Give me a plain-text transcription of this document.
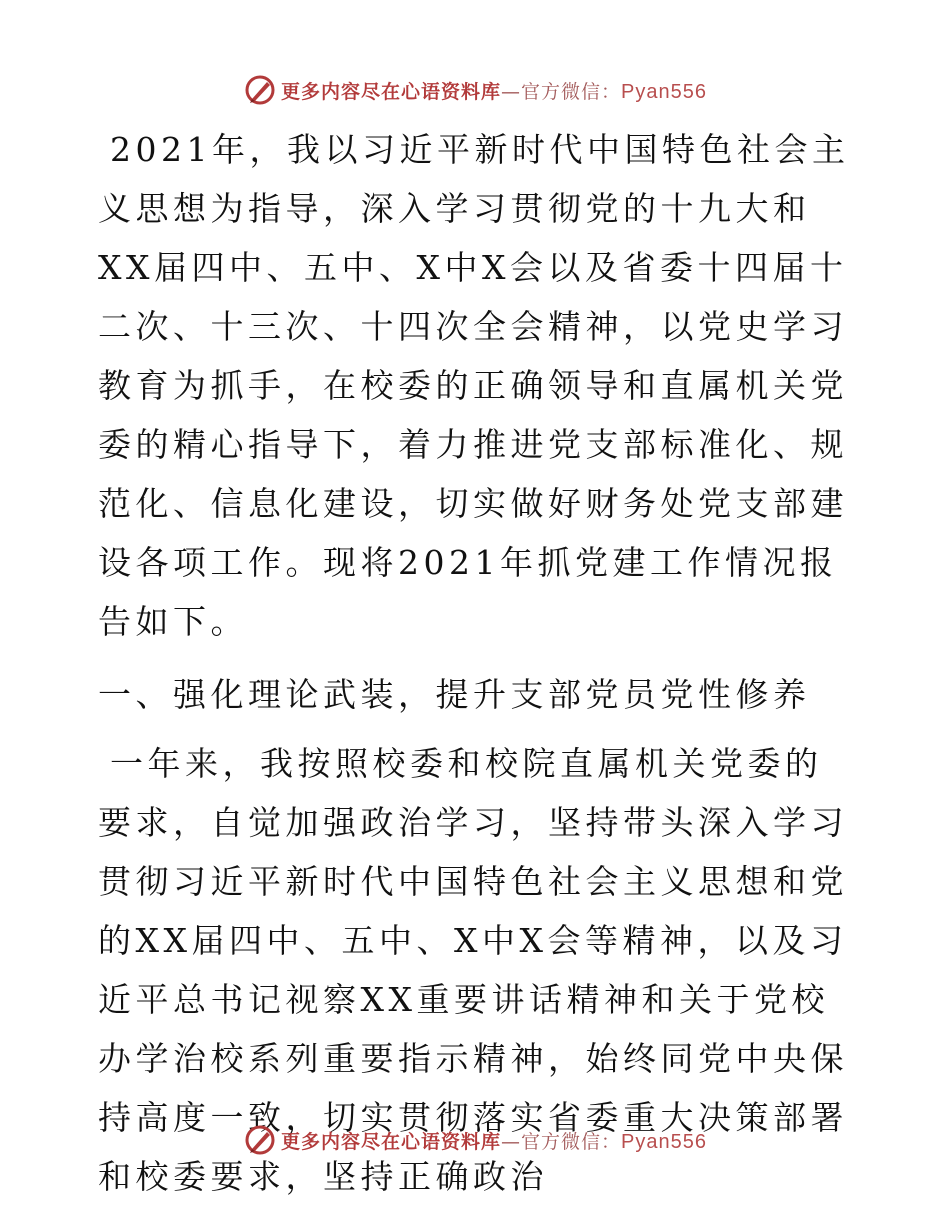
更多内容尽在心语资料库—官方微信：Pyan556

2021年，我以习近平新时代中国特色社会主义思想为指导，深入学习贯彻党的十九大和XX届四中、五中、X中X会以及省委十四届十二次、十三次、十四次全会精神，以党史学习教育为抓手，在校委的正确领导和直属机关党委的精心指导下，着力推进党支部标准化、规范化、信息化建设，切实做好财务处党支部建设各项工作。现将2021年抓党建工作情况报告如下。

一、强化理论武装，提升支部党员党性修养

一年来，我按照校委和校院直属机关党委的要求，自觉加强政治学习，坚持带头深入学习贯彻习近平新时代中国特色社会主义思想和党的XX届四中、五中、X中X会等精神，以及习近平总书记视察XX重要讲话精神和关于党校办学治校系列重要指示精神，始终同党中央保持高度一致，切实贯彻落实省委重大决策部署和校委要求，坚持正确政治

更多内容尽在心语资料库—官方微信：Pyan556
